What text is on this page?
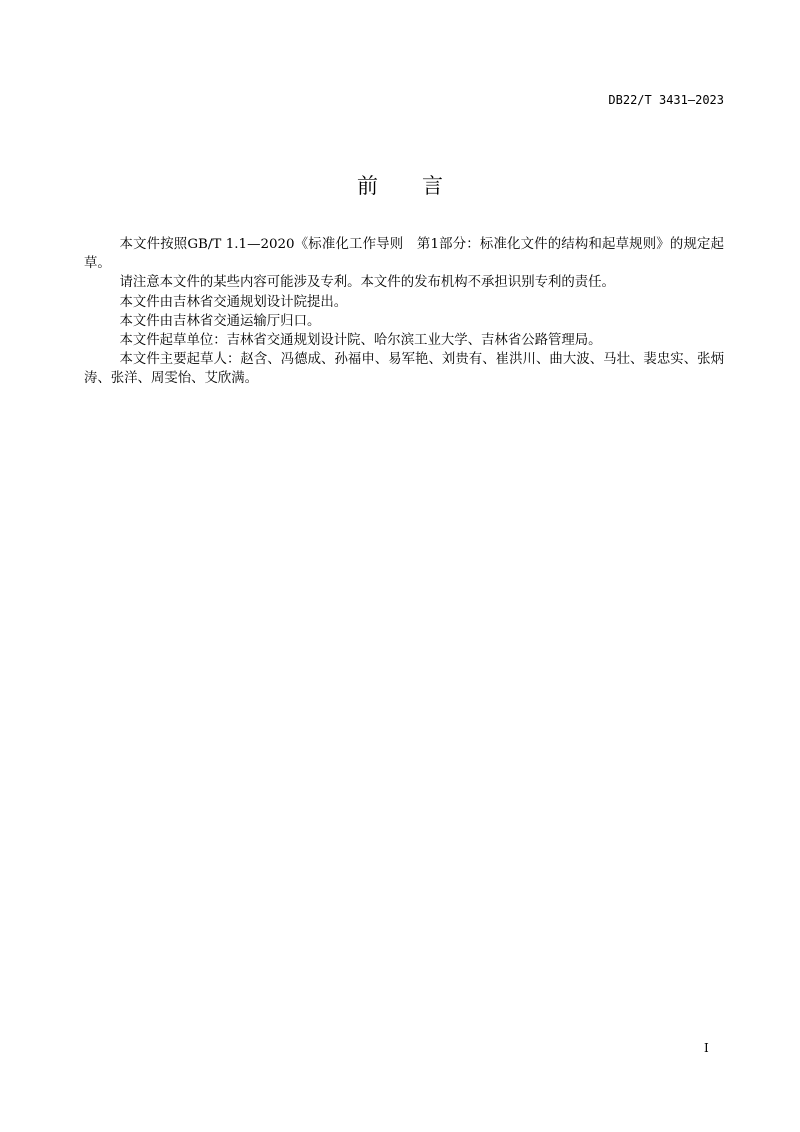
DB22/T 3431—2023
前 言

本文件按照GB/T 1.1—2020《标准化工作导则　第1部分：标准化文件的结构和起草规则》的规定起草。

请注意本文件的某些内容可能涉及专利。本文件的发布机构不承担识别专利的责任。

本文件由吉林省交通规划设计院提出。

本文件由吉林省交通运输厅归口。

本文件起草单位：吉林省交通规划设计院、哈尔滨工业大学、吉林省公路管理局。

本文件主要起草人：赵含、冯德成、孙福申、易军艳、刘贵有、崔洪川、曲大波、马壮、裴忠实、张炳涛、张洋、周雯怡、艾欣满。

I
